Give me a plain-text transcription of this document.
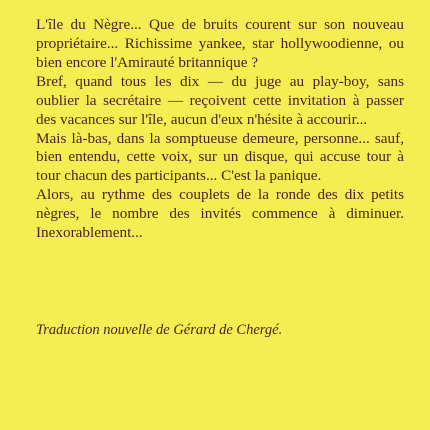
L'île du Nègre... Que de bruits courent sur son nouveau propriétaire... Richissime yankee, star hollywoodienne, ou bien encore l'Amirauté britannique ?

Bref, quand tous les dix — du juge au play-boy, sans oublier la secrétaire — reçoivent cette invitation à passer des vacances sur l'île, aucun d'eux n'hésite à accourir...

Mais là-bas, dans la somptueuse demeure, personne... sauf, bien entendu, cette voix, sur un disque, qui accuse tour à tour chacun des participants... C'est la panique.

Alors, au rythme des couplets de la ronde des dix petits nègres, le nombre des invités commence à diminuer. Inexorablement...

Traduction nouvelle de Gérard de Chergé.
